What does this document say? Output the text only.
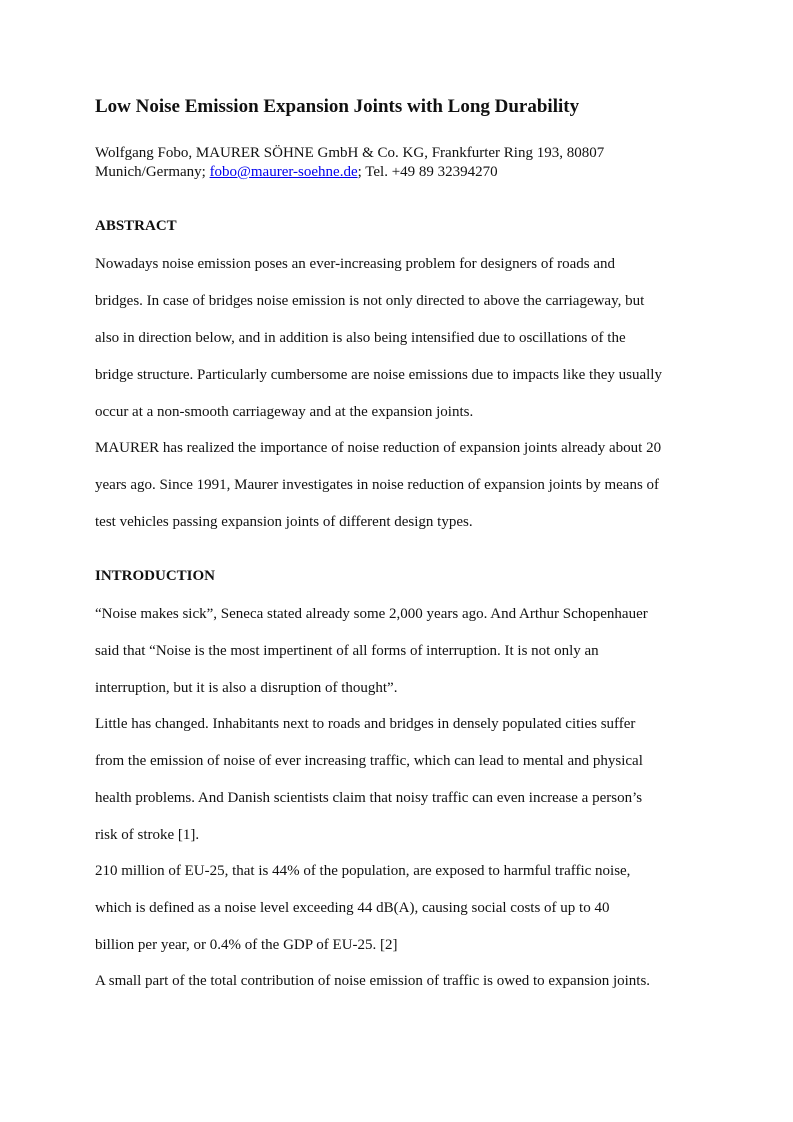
Low Noise Emission Expansion Joints with Long Durability
Wolfgang Fobo, MAURER SÖHNE GmbH & Co. KG, Frankfurter Ring 193, 80807
Munich/Germany; fobo@maurer-soehne.de; Tel. +49 89 32394270
ABSTRACT
Nowadays noise emission poses an ever-increasing problem for designers of roads and
bridges. In case of bridges noise emission is not only directed to above the carriageway, but
also in direction below, and in addition is also being intensified due to oscillations of the
bridge structure. Particularly cumbersome are noise emissions due to impacts like they usually
occur at a non-smooth carriageway and at the expansion joints.
MAURER has realized the importance of noise reduction of expansion joints already about 20
years ago. Since 1991, Maurer investigates in noise reduction of expansion joints by means of
test vehicles passing expansion joints of different design types.
INTRODUCTION
“Noise makes sick”, Seneca stated already some 2,000 years ago. And Arthur Schopenhauer
said that “Noise is the most impertinent of all forms of interruption. It is not only an
interruption, but it is also a disruption of thought”.
Little has changed. Inhabitants next to roads and bridges in densely populated cities suffer
from the emission of noise of ever increasing traffic, which can lead to mental and physical
health problems. And Danish scientists claim that noisy traffic can even increase a person’s
risk of stroke [1].
210 million of EU-25, that is 44% of the population, are exposed to harmful traffic noise,
which is defined as a noise level exceeding 44 dB(A), causing social costs of up to 40
billion per year, or 0.4% of the GDP of EU-25. [2]
A small part of the total contribution of noise emission of traffic is owed to expansion joints.
